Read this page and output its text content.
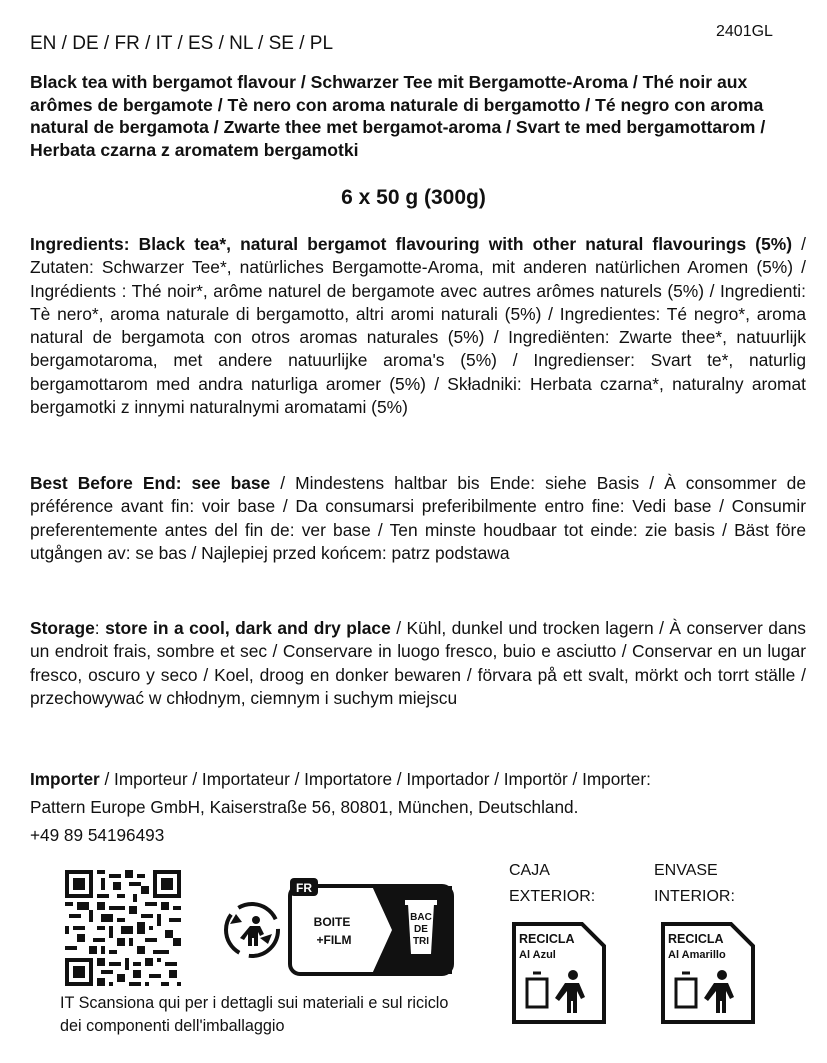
EN / DE / FR / IT / ES / NL / SE / PL
2401GL
Black tea with bergamot flavour / Schwarzer Tee mit Bergamotte-Aroma / Thé noir aux arômes de bergamote / Tè nero con aroma naturale di bergamotto / Té negro con aroma natural de bergamota / Zwarte thee met bergamot-aroma / Svart te med bergamottarom / Herbata czarna z aromatem bergamotki
6 x 50 g (300g)
Ingredients: Black tea*, natural bergamot flavouring with other natural flavourings (5%) / Zutaten: Schwarzer Tee*, natürliches Bergamotte-Aroma, mit anderen natürlichen Aromen (5%) / Ingrédients : Thé noir*, arôme naturel de bergamote avec autres arômes naturels (5%) / Ingredienti: Tè nero*, aroma naturale di bergamotto, altri aromi naturali (5%) / Ingredientes: Té negro*, aroma natural de bergamota con otros aromas naturales (5%) / Ingrediënten: Zwarte thee*, natuurlijk bergamotaroma, met andere natuurlijke aroma's (5%) / Ingredienser: Svart te*, naturlig bergamottarom med andra naturliga aromer (5%) / Składniki: Herbata czarna*, naturalny aromat bergamotki z innymi naturalnymi aromatami (5%)
Best Before End: see base / Mindestens haltbar bis Ende: siehe Basis / À consommer de préférence avant fin: voir base / Da consumarsi preferibilmente entro fine: Vedi base / Consumir preferentemente antes del fin de: ver base / Ten minste houdbaar tot einde: zie basis / Bäst före utgången av: se bas / Najlepiej przed końcem: patrz podstawa
Storage: store in a cool, dark and dry place / Kühl, dunkel und trocken lagern / À conserver dans un endroit frais, sombre et sec / Conservare in luogo fresco, buio e asciutto / Conservar en un lugar fresco, oscuro y seco / Koel, droog en donker bewaren / förvara på ett svalt, mörkt och torrt ställe / przechowywać w chłodnym, ciemnym i suchym miejscu
Importer / Importeur / Importateur / Importatore / Importador / Importör / Importer:
Pattern Europe GmbH, Kaiserstraße 56, 80801, München, Deutschland.
+49 89 54196493
FR
BOITE
+FILM
BAC
DE
TRI
IT Scansiona qui per i dettagli sui materiali e sul riciclo dei componenti dell'imballaggio
CAJA
EXTERIOR:
ENVASE
INTERIOR:
RECICLA
Al Azul
RECICLA
Al Amarillo
